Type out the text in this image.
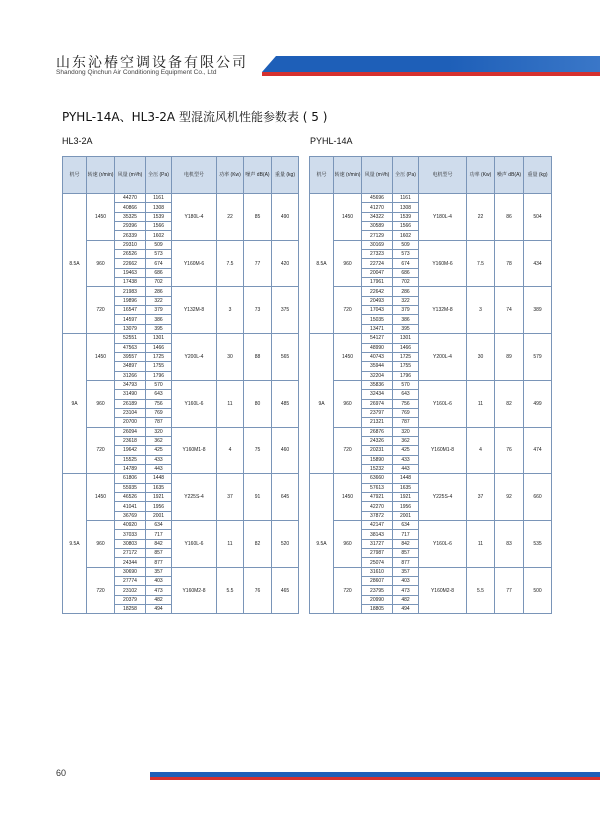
山东沁椿空调设备有限公司
Shandong Qinchun Air Conditioning Equipment Co., Ltd
PYHL-14A、HL3-2A 型混流风机性能参数表 ( 5 )
HL3-2A	PYHL-14A
机号	转速 (r/min)	风量 (m³/h)	全压 (Pa)	电机型号	功率 (Kw)	噪声 dB(A)	重量 (kg)
8.5A	1450	44270	1161	Y180L-4	22	85	490
		40866	1308				
		35325	1539				
		29396	1566				
		26339	1602				
	960	29310	509	Y160M-6	7.5	77	420
		26526	573				
		22662	674				
		19463	686				
		17438	702				
	720	21983	286	Y132M-8	3	73	375
		19896	322				
		16547	379				
		14597	386				
		13079	395				
9A	1450	52551	1301	Y200L-4	30	88	565
		47563	1466				
		39557	1725				
		34897	1755				
		31266	1796				
	960	34793	570	Y160L-6	11	80	485
		31490	643				
		26189	756				
		23104	769				
		20700	787				
	720	26094	320	Y160M1-8	4	75	460
		23618	362				
		19642	425				
		15525	433				
		14789	443				
9.5A	1450	61806	1448	Y225S-4	37	91	645
		55935	1635				
		46526	1921				
		41041	1956				
		36769	2001				
	960	40920	634	Y160L-6	11	82	520
		37033	717				
		30803	842				
		27172	857				
		24344	877				
	720	30690	357	Y160M2-8	5.5	76	465
		27774	403				
		23102	473				
		20379	482				
		18258	494				
机号	转速 (r/min)	风量 (m³/h)	全压 (Pa)	电机型号	功率 (Kw)	噪声 dB(A)	重量 (kg)
8.5A	1450	45696	1161	Y180L-4	22	86	504
		41270	1308				
		34322	1539				
		30589	1566				
		27129	1602				
	960	30169	509	Y160M-6	7.5	78	434
		27323	573				
		22724	674				
		20047	686				
		17961	702				
	720	22642	286	Y132M-8	3	74	389
		20493	322				
		17043	379				
		15035	386				
		13471	395				
9A	1450	54127	1301	Y200L-4	30	89	579
		48990	1466				
		40743	1725				
		35944	1755				
		32204	1796				
	960	35836	570	Y160L-6	11	82	499
		32434	643				
		26974	756				
		23797	769				
		21321	787				
	720	26876	320	Y160M1-8	4	76	474
		24326	362				
		20231	425				
		15890	433				
		15232	443				
9.5A	1450	63660	1448	Y225S-4	37	92	660
		57613	1635				
		47921	1921				
		42270	1956				
		37872	2001				
	960	42147	634	Y160L-6	11	83	535
		38143	717				
		31727	842				
		27987	857				
		25074	877				
	720	31610	357	Y160M2-8	5.5	77	500
		28607	403				
		23795	473				
		20990	482				
		18805	494				
60
